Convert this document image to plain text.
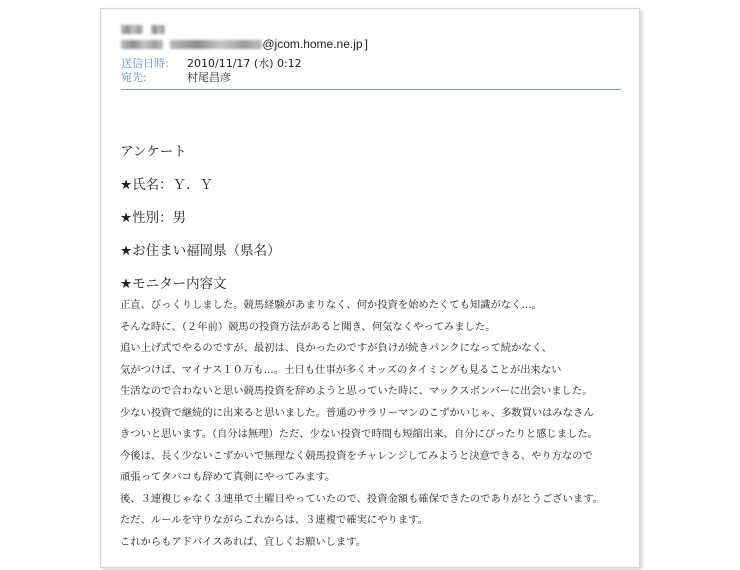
@jcom.home.ne.jp ]
送信日時: 2010/11/17 (水) 0:12
宛先:	村尾昌彦

アンケート

★氏名：Ｙ．Ｙ

★性別：男

★お住まい福岡県（県名）

★モニター内容文

正直、びっくりしました。競馬経験があまりなく、何か投資を始めたくても知識がなく…。
そんな時に、（２年前）競馬の投資方法があると聞き、何気なくやってみました。
追い上げ式でやるのですが、最初は、良かったのですが負けが続きパンクになって続かなく、
気がつけば、マイナス１０万も…。土日も仕事が多くオッズのタイミングも見ることが出来ない
生活なので合わないと思い競馬投資を辞めようと思っていた時に、マックスボンバーに出会いました。
少ない投資で継続的に出来ると思いました。普通のサラリーマンのこずかいじゃ、多数買いはみなさん
きついと思います。（自分は無理）ただ、少ない投資で時間も短縮出来、自分にぴったりと感じました。
今後は、長く少ないこずかいで無理なく競馬投資をチャレンジしてみようと決意できる、やり方なので
頑張ってタバコも辞めて真剣にやってみます。
後、３連複じゃなく３連単で土曜日やっていたので、投資金額も確保できたのでありがとうございます。
ただ、ルールを守りながらこれからは、３連複で確実にやります。
これからもアドバイスあれば、宜しくお願いします。
